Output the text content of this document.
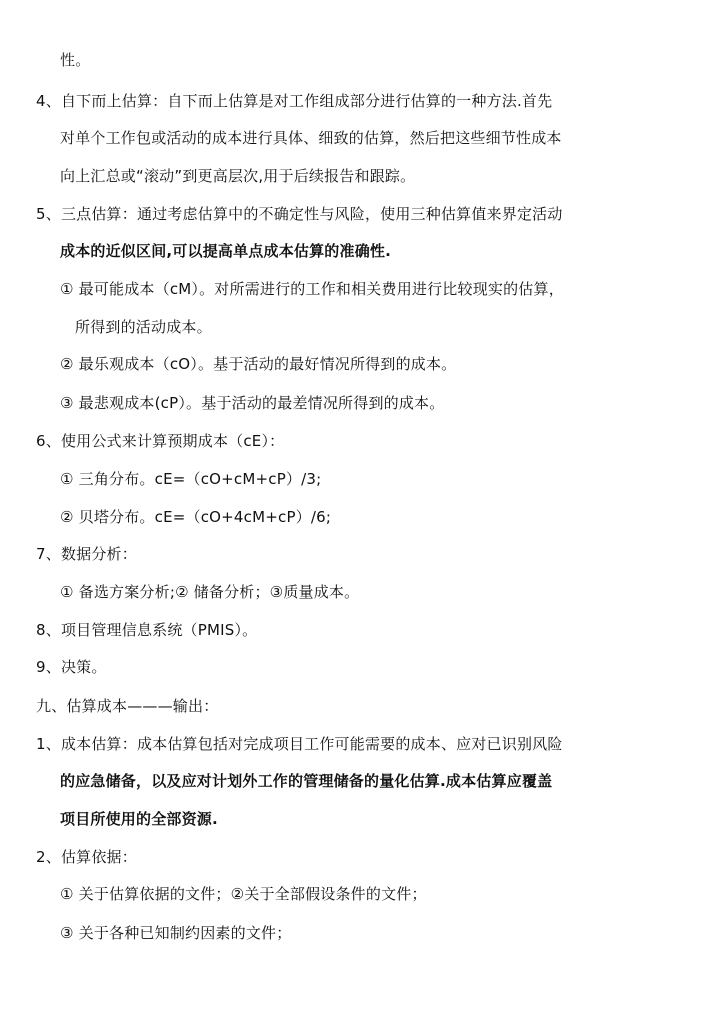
性。
4、自下而上估算：自下而上估算是对工作组成部分进行估算的一种方法.首先
对单个工作包或活动的成本进行具体、细致的估算，然后把这些细节性成本
向上汇总或“滚动”到更高层次,用于后续报告和跟踪。
5、三点估算：通过考虑估算中的不确定性与风险，使用三种估算值来界定活动
成本的近似区间,可以提高单点成本估算的准确性.
① 最可能成本（cM）。对所需进行的工作和相关费用进行比较现实的估算，
所得到的活动成本。
② 最乐观成本（cO）。基于活动的最好情况所得到的成本。
③ 最悲观成本(cP）。基于活动的最差情况所得到的成本。
6、使用公式来计算预期成本（cE）：
① 三角分布。cE=（cO+cM+cP）/3;
② 贝塔分布。cE=（cO+4cM+cP）/6;
7、数据分析：
① 备选方案分析;② 储备分析；③质量成本。
8、项目管理信息系统（PMIS）。
9、决策。
九、估算成本———输出：
1、成本估算：成本估算包括对完成项目工作可能需要的成本、应对已识别风险
的应急储备，以及应对计划外工作的管理储备的量化估算.成本估算应覆盖
项目所使用的全部资源.
2、估算依据：
① 关于估算依据的文件；②关于全部假设条件的文件；
③ 关于各种已知制约因素的文件；
